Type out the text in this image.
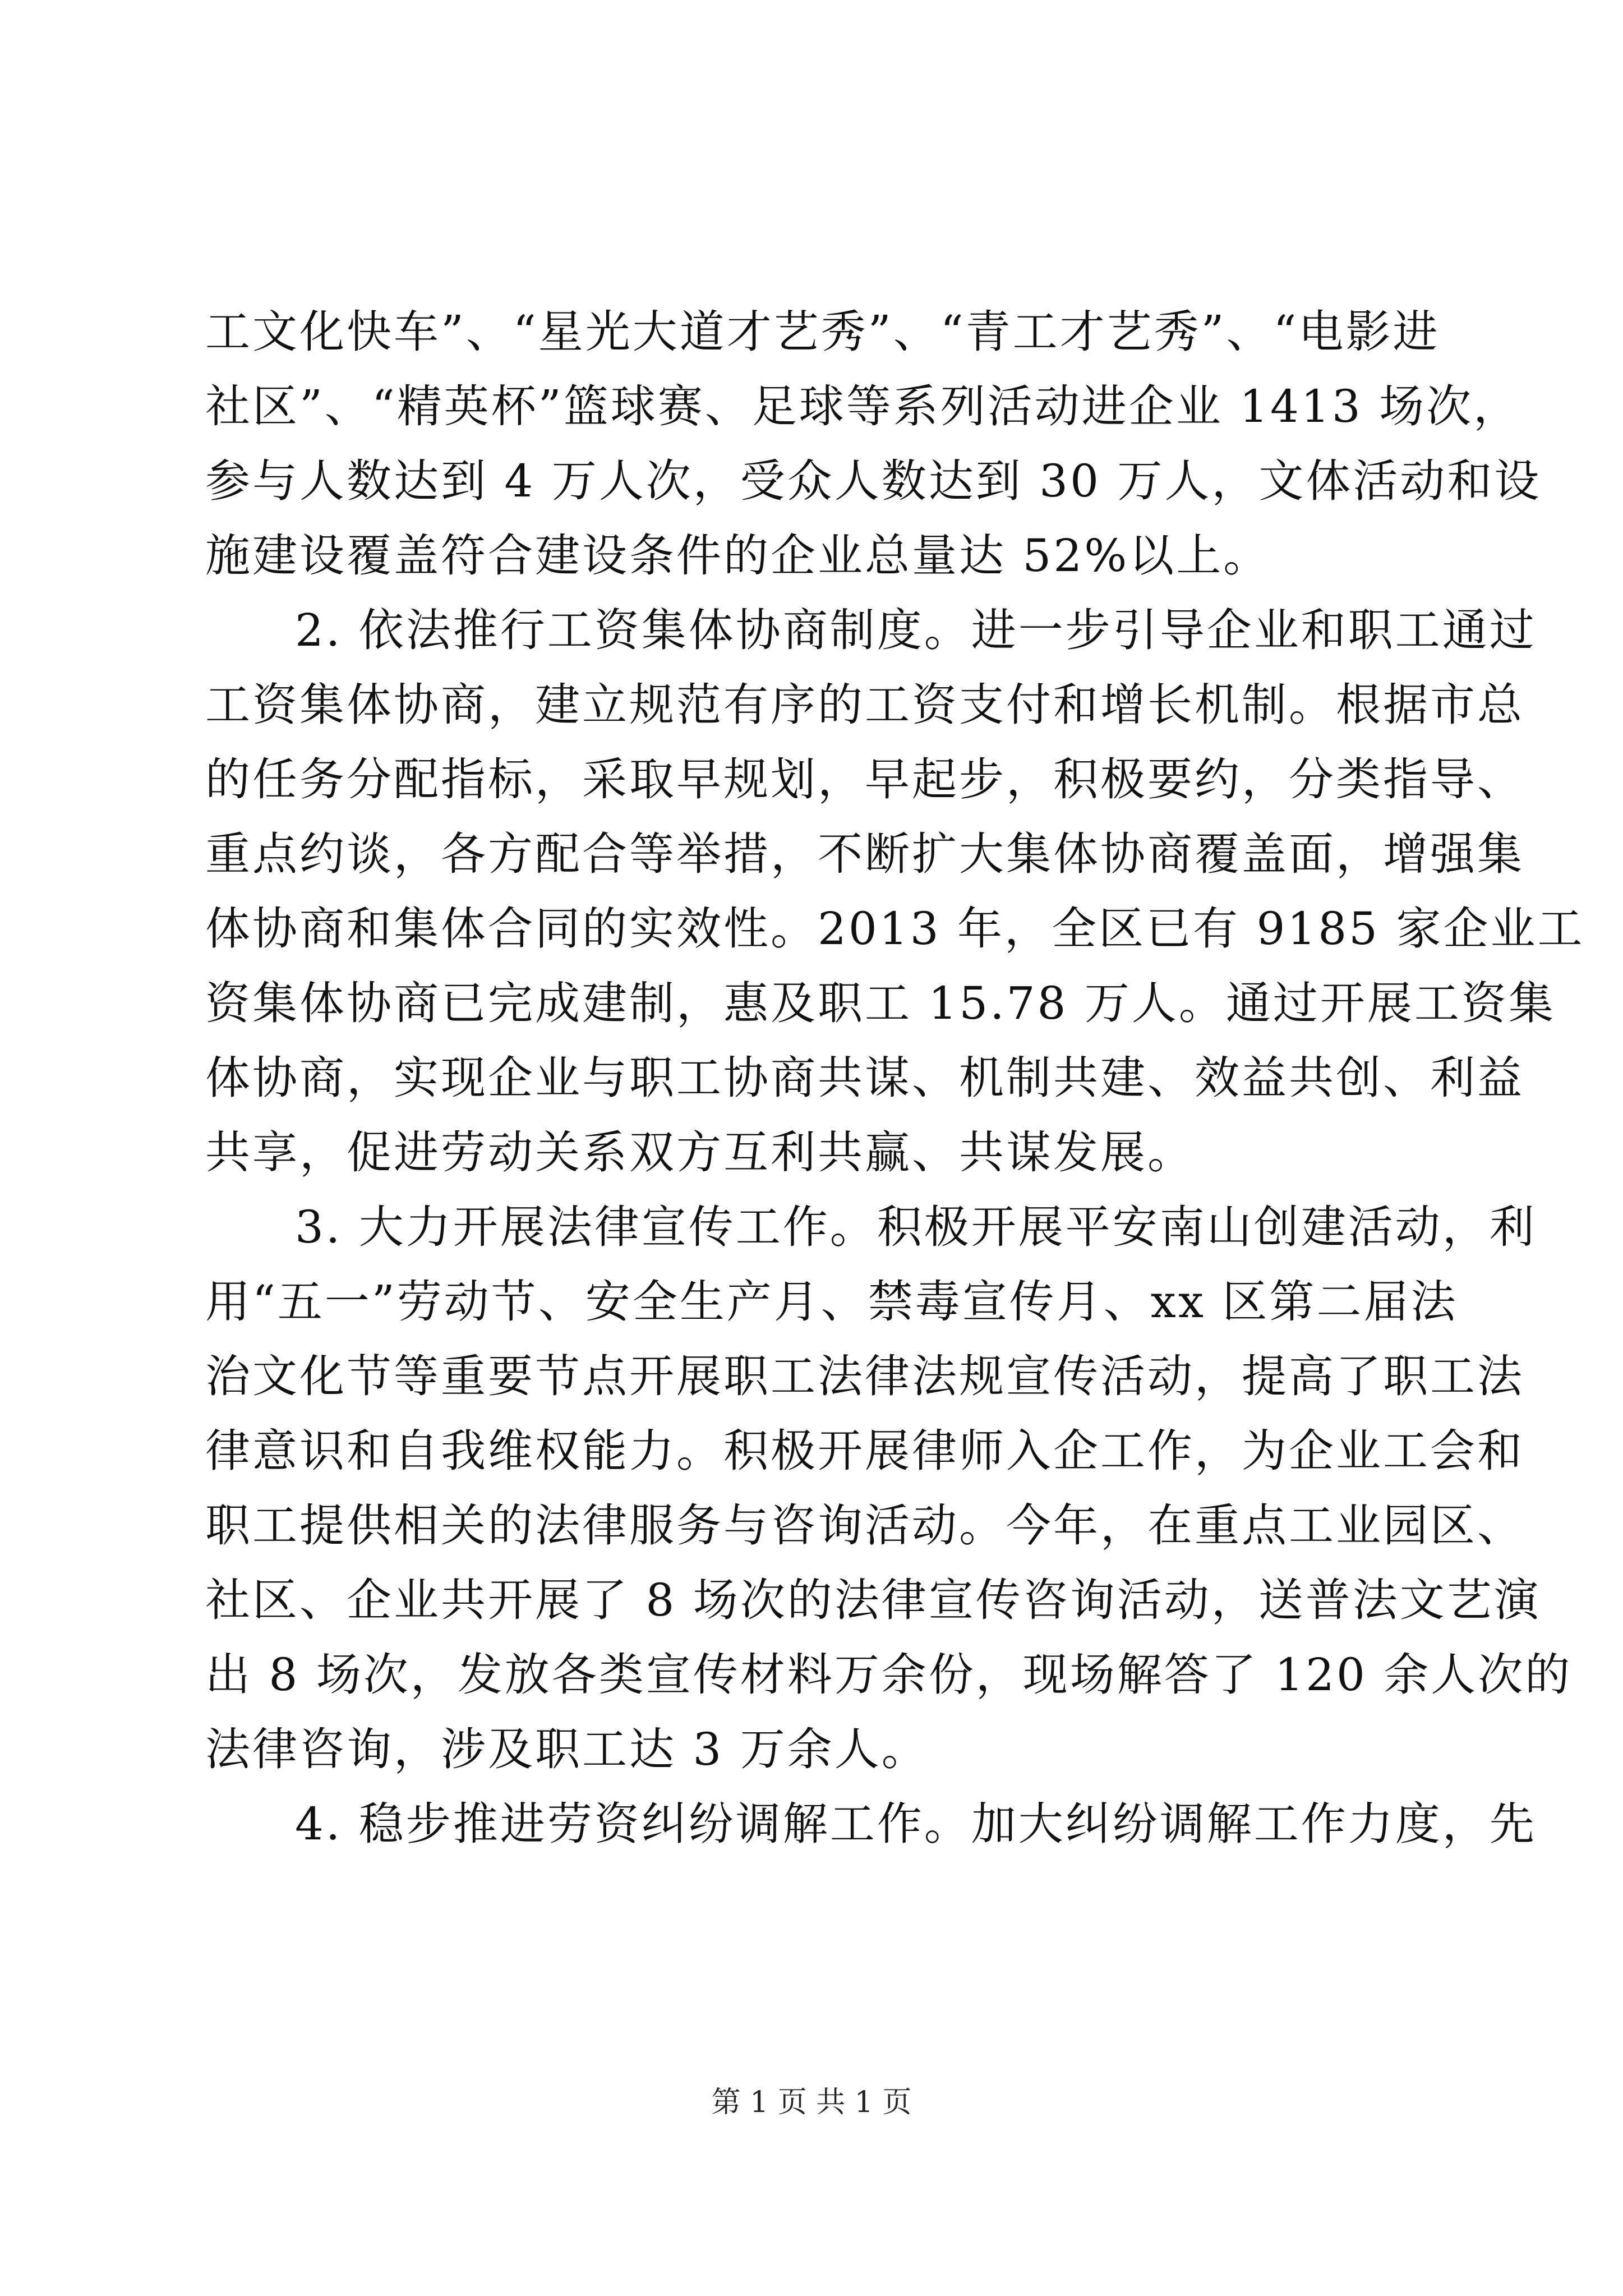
工文化快车”、“星光大道才艺秀”、“青工才艺秀”、“电影进
社区”、“精英杯”篮球赛、足球等系列活动进企业 1413 场次，
参与人数达到 4 万人次，受众人数达到 30 万人，文体活动和设
施建设覆盖符合建设条件的企业总量达 52%以上。
2. 依法推行工资集体协商制度。进一步引导企业和职工通过
工资集体协商，建立规范有序的工资支付和增长机制。根据市总
的任务分配指标，采取早规划，早起步，积极要约，分类指导、
重点约谈，各方配合等举措，不断扩大集体协商覆盖面，增强集
体协商和集体合同的实效性。2013 年，全区已有 9185 家企业工
资集体协商已完成建制，惠及职工 15.78 万人。通过开展工资集
体协商，实现企业与职工协商共谋、机制共建、效益共创、利益
共享，促进劳动关系双方互利共赢、共谋发展。
3. 大力开展法律宣传工作。积极开展平安南山创建活动，利
用“五一”劳动节、安全生产月、禁毒宣传月、xx 区第二届法
治文化节等重要节点开展职工法律法规宣传活动，提高了职工法
律意识和自我维权能力。积极开展律师入企工作，为企业工会和
职工提供相关的法律服务与咨询活动。今年，在重点工业园区、
社区、企业共开展了 8 场次的法律宣传咨询活动，送普法文艺演
出 8 场次，发放各类宣传材料万余份，现场解答了 120 余人次的
法律咨询，涉及职工达 3 万余人。
4. 稳步推进劳资纠纷调解工作。加大纠纷调解工作力度，先
第 1 页 共 1 页
